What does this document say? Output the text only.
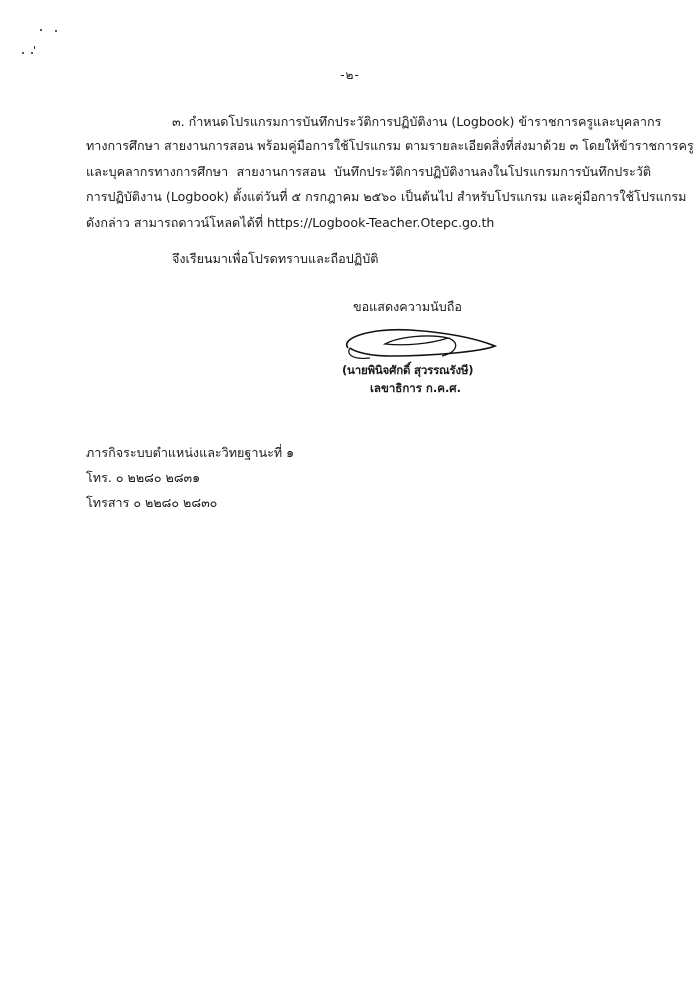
-๒-
๓. กำหนดโปรแกรมการบันทึกประวัติการปฏิบัติงาน (Logbook) ข้าราชการครูและบุคลากร
ทางการศึกษา สายงานการสอน พร้อมคู่มือการใช้โปรแกรม ตามรายละเอียดสิ่งที่ส่งมาด้วย ๓ โดยให้ข้าราชการครู
และบุคลากรทางการศึกษา สายงานการสอน บันทึกประวัติการปฏิบัติงานลงในโปรแกรมการบันทึกประวัติ
การปฏิบัติงาน (Logbook) ตั้งแต่วันที่ ๕ กรกฎาคม ๒๕๖๐ เป็นต้นไป สำหรับโปรแกรม และคู่มือการใช้โปรแกรม
ดังกล่าว สามารถดาวน์โหลดได้ที่ https://Logbook-Teacher.Otepc.go.th
จึงเรียนมาเพื่อโปรดทราบและถือปฏิบัติ
ขอแสดงความนับถือ
(นายพินิจศักดิ์ สุวรรณรังษี)
เลขาธิการ ก.ค.ศ.
ภารกิจระบบตำแหน่งและวิทยฐานะที่ ๑
โทร. ๐ ๒๒๘๐ ๒๘๓๑
โทรสาร ๐ ๒๒๘๐ ๒๘๓๐
